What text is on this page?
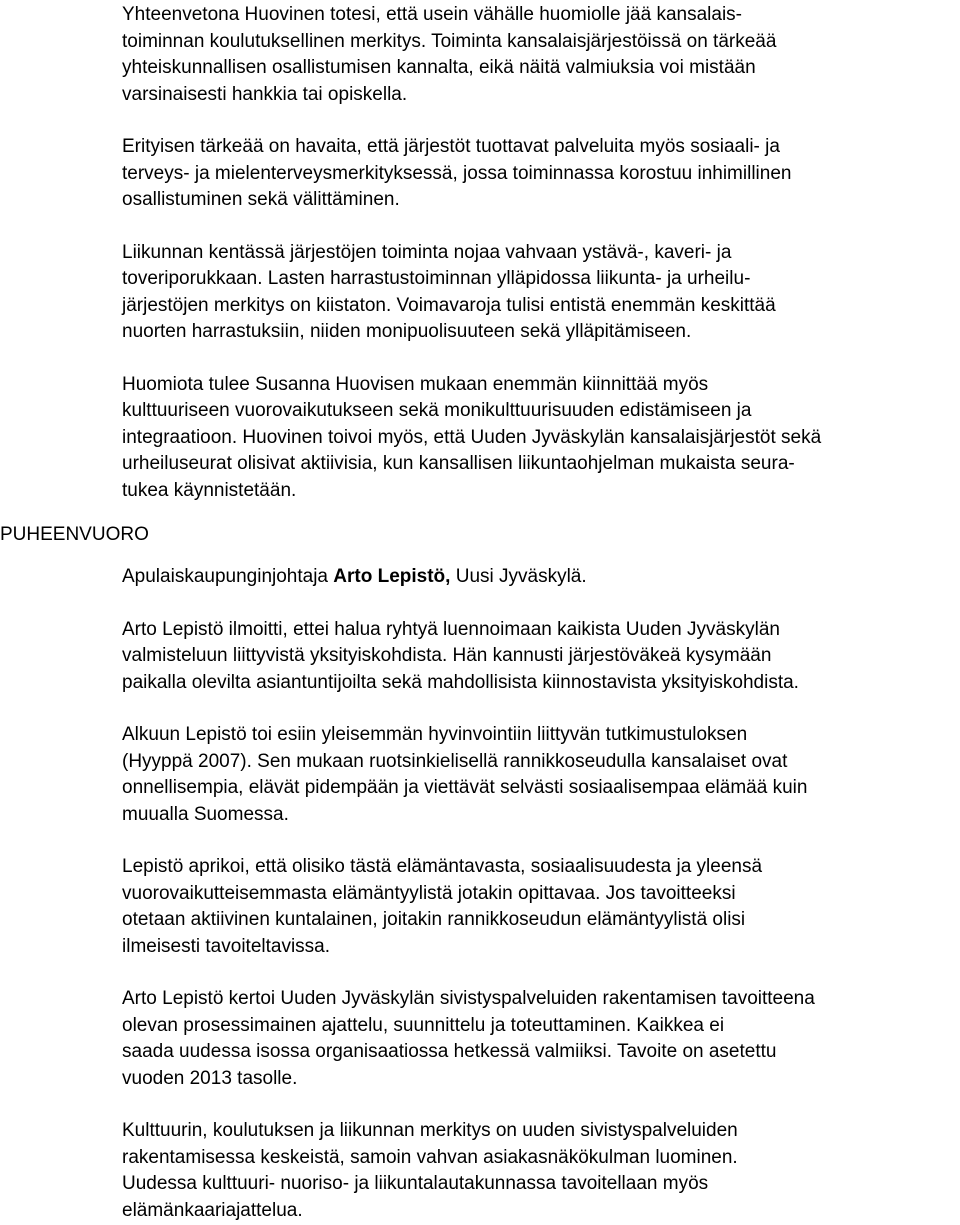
PUHEENVUORO

Yhteenvetona Huovinen totesi, että usein vähälle huomiolle jää kansalais-
toiminnan koulutuksellinen merkitys. Toiminta kansalaisjärjestöissä on tärkeää
yhteiskunnallisen osallistumisen kannalta, eikä näitä valmiuksia voi mistään
varsinaisesti hankkia tai opiskella.

Erityisen tärkeää on havaita, että järjestöt tuottavat palveluita myös sosiaali- ja
terveys- ja mielenterveysmerkityksessä, jossa toiminnassa korostuu inhimillinen
osallistuminen sekä välittäminen.

Liikunnan kentässä järjestöjen toiminta nojaa vahvaan ystävä-, kaveri- ja
toveriporukkaan. Lasten harrastustoiminnan ylläpidossa liikunta- ja urheilu-
järjestöjen merkitys on kiistaton. Voimavaroja tulisi entistä enemmän keskittää
nuorten harrastuksiin, niiden monipuolisuuteen sekä ylläpitämiseen.

Huomiota tulee Susanna Huovisen mukaan enemmän kiinnittää myös
kulttuuriseen vuorovaikutukseen sekä monikulttuurisuuden edistämiseen ja
integraatioon. Huovinen toivoi myös, että Uuden Jyväskylän kansalaisjärjestöt sekä
urheiluseurat olisivat aktiivisia, kun kansallisen liikuntaohjelman mukaista seura-
tukea käynnistetään.

Apulaiskaupunginjohtaja Arto Lepistö, Uusi Jyväskylä.

Arto Lepistö ilmoitti, ettei halua ryhtyä luennoimaan kaikista Uuden Jyväskylän
valmisteluun liittyvistä yksityiskohdista. Hän kannusti järjestöväkeä kysymään
paikalla olevilta asiantuntijoilta sekä mahdollisista kiinnostavista yksityiskohdista.

Alkuun Lepistö toi esiin yleisemmän hyvinvointiin liittyvän tutkimustuloksen
(Hyyppä 2007). Sen mukaan ruotsinkielisellä rannikkoseudulla kansalaiset ovat
onnellisempia, elävät pidempään ja viettävät selvästi sosiaalisempaa elämää kuin
muualla Suomessa.

Lepistö aprikoi, että olisiko tästä elämäntavasta, sosiaalisuudesta ja yleensä
vuorovaikutteisemmasta elämäntyylistä jotakin opittavaa. Jos tavoitteeksi
otetaan aktiivinen kuntalainen, joitakin rannikkoseudun elämäntyylistä olisi
ilmeisesti tavoiteltavissa.

Arto Lepistö kertoi Uuden Jyväskylän sivistyspalveluiden rakentamisen tavoitteena
olevan prosessimainen ajattelu, suunnittelu ja toteuttaminen. Kaikkea ei
saada uudessa isossa organisaatiossa hetkessä valmiiksi. Tavoite on asetettu
vuoden 2013 tasolle.

Kulttuurin, koulutuksen ja liikunnan merkitys on uuden sivistyspalveluiden
rakentamisessa keskeistä, samoin vahvan asiakasnäkökulman luominen.
Uudessa kulttuuri- nuoriso- ja liikuntalautakunnassa tavoitellaan myös
elämänkaariajattelua.
